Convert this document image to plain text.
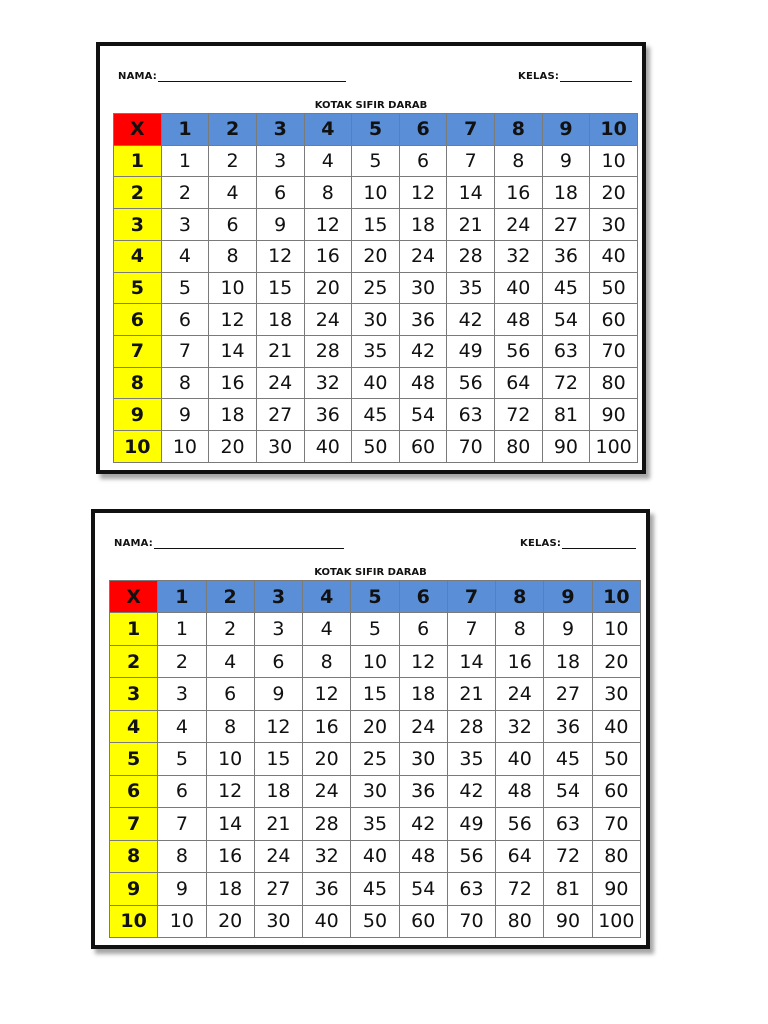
NAMA:	KELAS:
KOTAK SIFIR DARAB
X	1	2	3	4	5	6	7	8	9	10
1	1	2	3	4	5	6	7	8	9	10
2	2	4	6	8	10	12	14	16	18	20
3	3	6	9	12	15	18	21	24	27	30
4	4	8	12	16	20	24	28	32	36	40
5	5	10	15	20	25	30	35	40	45	50
6	6	12	18	24	30	36	42	48	54	60
7	7	14	21	28	35	42	49	56	63	70
8	8	16	24	32	40	48	56	64	72	80
9	9	18	27	36	45	54	63	72	81	90
10	10	20	30	40	50	60	70	80	90	100
NAMA:	KELAS:
KOTAK SIFIR DARAB
X	1	2	3	4	5	6	7	8	9	10
1	1	2	3	4	5	6	7	8	9	10
2	2	4	6	8	10	12	14	16	18	20
3	3	6	9	12	15	18	21	24	27	30
4	4	8	12	16	20	24	28	32	36	40
5	5	10	15	20	25	30	35	40	45	50
6	6	12	18	24	30	36	42	48	54	60
7	7	14	21	28	35	42	49	56	63	70
8	8	16	24	32	40	48	56	64	72	80
9	9	18	27	36	45	54	63	72	81	90
10	10	20	30	40	50	60	70	80	90	100
